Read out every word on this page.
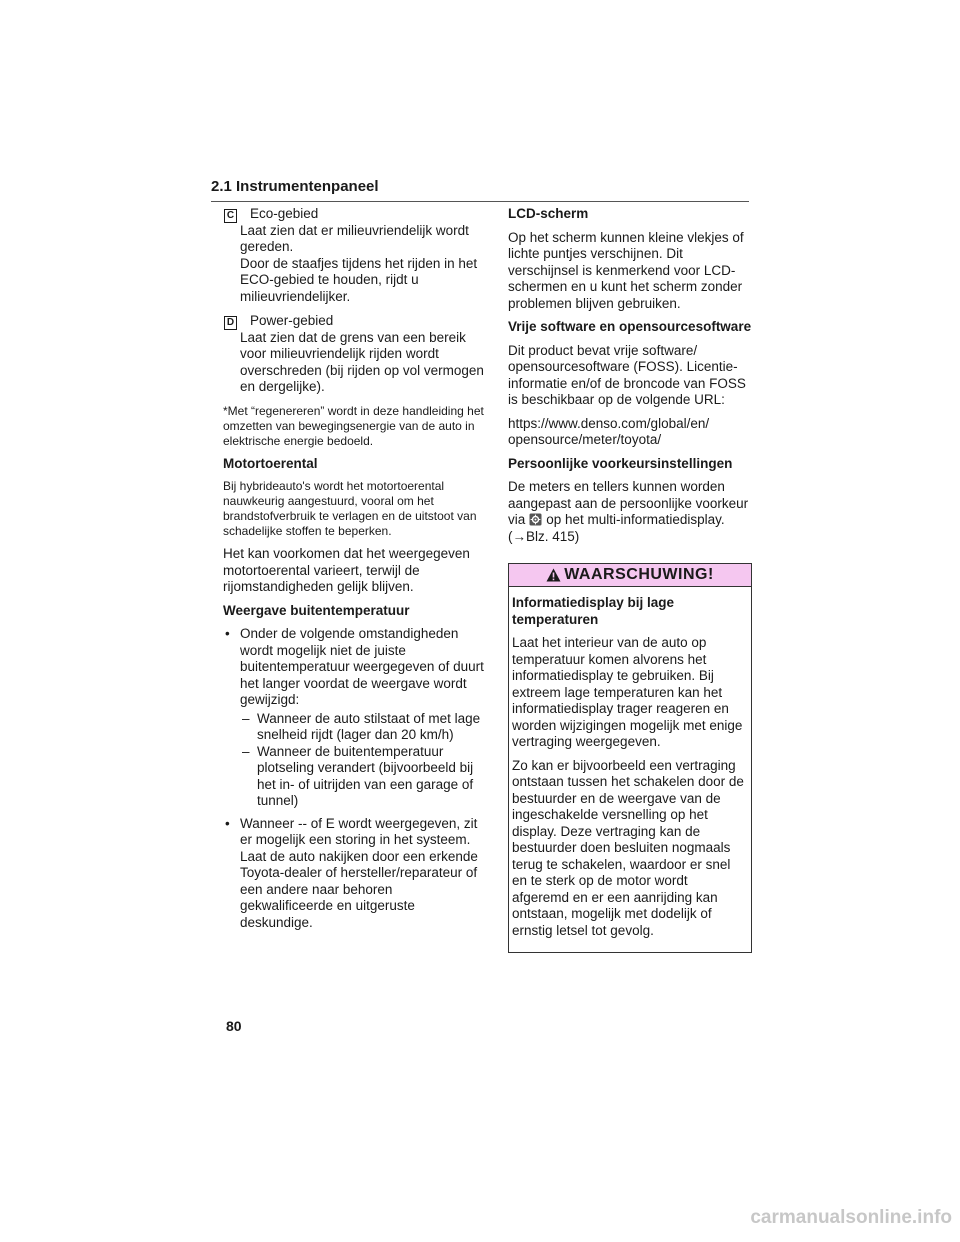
2.1 Instrumentenpaneel
C Eco-gebied
Laat zien dat er milieuvriendelijk wordt gereden.
Door de staafjes tijdens het rijden in het ECO-gebied te houden, rijdt u milieuvriendelijker.
D Power-gebied
Laat zien dat de grens van een bereik voor milieuvriendelijk rijden wordt overschreden (bij rijden op vol vermogen en dergelijke).

*Met “regenereren” wordt in deze handleiding het omzetten van bewegingsenergie van de auto in elektrische energie bedoeld.

Motortoerental

Bij hybrideauto's wordt het motortoerental nauwkeurig aangestuurd, vooral om het brandstofverbruik te verlagen en de uitstoot van schadelijke stoffen te beperken.

Het kan voorkomen dat het weergegeven motortoerental varieert, terwijl de rijomstandigheden gelijk blijven.

Weergave buitentemperatuur

• Onder de volgende omstandigheden wordt mogelijk niet de juiste buitentemperatuur weergegeven of duurt het langer voordat de weergave wordt gewijzigd:
– Wanneer de auto stilstaat of met lage snelheid rijdt (lager dan 20 km/h)
– Wanneer de buitentemperatuur plotseling verandert (bijvoorbeeld bij het in- of uitrijden van een garage of tunnel)
• Wanneer -- of E wordt weergegeven, zit er mogelijk een storing in het systeem. Laat de auto nakijken door een erkende Toyota-dealer of hersteller/reparateur of een andere naar behoren gekwalificeerde en uitgeruste deskundige.

LCD-scherm

Op het scherm kunnen kleine vlekjes of lichte puntjes verschijnen. Dit verschijnsel is kenmerkend voor LCD-schermen en u kunt het scherm zonder problemen blijven gebruiken.

Vrije software en opensourcesoftware

Dit product bevat vrije software/ opensourcesoftware (FOSS). Licentie-informatie en/of de broncode van FOSS is beschikbaar op de volgende URL:

https://www.denso.com/global/en/ opensource/meter/toyota/

Persoonlijke voorkeursinstellingen

De meters en tellers kunnen worden aangepast aan de persoonlijke voorkeur via op het multi-informatiedisplay.
(→Blz. 415)

WAARSCHUWING!

Informatiedisplay bij lage temperaturen

Laat het interieur van de auto op temperatuur komen alvorens het informatiedisplay te gebruiken. Bij extreem lage temperaturen kan het informatiedisplay trager reageren en worden wijzigingen mogelijk met enige vertraging weergegeven.

Zo kan er bijvoorbeeld een vertraging ontstaan tussen het schakelen door de bestuurder en de weergave van de ingeschakelde versnelling op het display. Deze vertraging kan de bestuurder doen besluiten nogmaals terug te schakelen, waardoor er snel en te sterk op de motor wordt afgeremd en er een aanrijding kan ontstaan, mogelijk met dodelijk of ernstig letsel tot gevolg.

80
carmanualsonline.info
